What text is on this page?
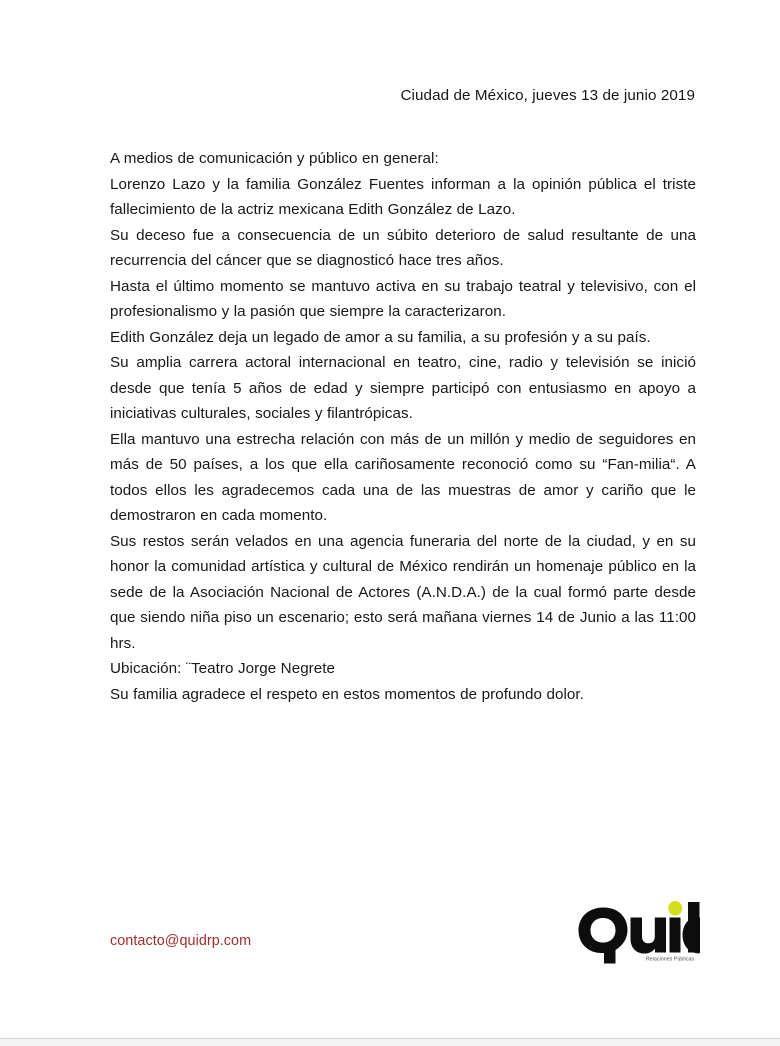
Ciudad de México, jueves 13 de junio 2019

A medios de comunicación y público en general:

Lorenzo Lazo y la familia González Fuentes informan a la opinión pública el triste fallecimiento de la actriz mexicana Edith González de Lazo.

Su deceso fue a consecuencia de un súbito deterioro de salud resultante de una recurrencia del cáncer que se diagnosticó hace tres años.

Hasta el último momento se mantuvo activa en su trabajo teatral y televisivo, con el profesionalismo y la pasión que siempre la caracterizaron.

Edith González deja un legado de amor a su familia, a su profesión y a su país.

Su amplia carrera actoral internacional en teatro, cine, radio y televisión se inició desde que tenía 5 años de edad y siempre participó con entusiasmo en apoyo a iniciativas culturales, sociales y filantrópicas.

Ella mantuvo una estrecha relación con más de un millón y medio de seguidores en más de 50 países, a los que ella cariñosamente reconoció como su “Fan-milia“. A todos ellos les agradecemos cada una de las muestras de amor y cariño que le demostraron en cada momento.

Sus restos serán velados en una agencia funeraria del norte de la ciudad, y en su honor la comunidad artística y cultural de México rendirán un homenaje público en la sede de la Asociación Nacional de Actores (A.N.D.A.) de la cual formó parte desde que siendo niña piso un escenario; esto será mañana viernes 14 de Junio a las 11:00 hrs.

Ubicación: ¨Teatro Jorge Negrete

Su familia agradece el respeto en estos momentos de profundo dolor.

contacto@quidrp.com
Relaciones Públicas
